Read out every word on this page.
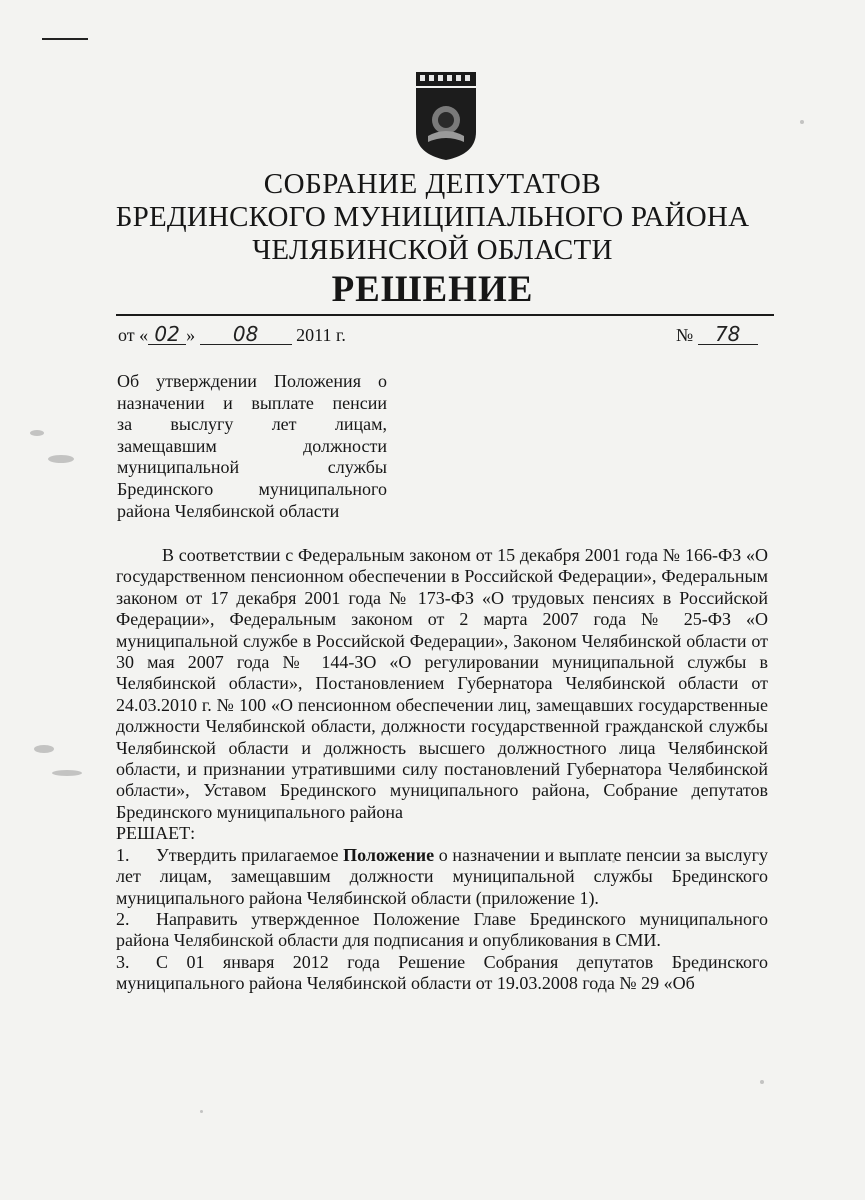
СОБРАНИЕ ДЕПУТАТОВ
БРЕДИНСКОГО МУНИЦИПАЛЬНОГО РАЙОНА
ЧЕЛЯБИНСКОЙ ОБЛАСТИ
РЕШЕНИЕ
от « 02 » 08 2011 г.	№ 78

Об утверждении Положения о

назначении и выплате пенсии

за выслугу лет лицам,

замещавшим должности

муниципальной службы

Брединского муниципального

района Челябинской области

В соответствии с Федеральным законом от 15 декабря 2001 года № 166-ФЗ «О государственном пенсионном обеспечении в Российской Федерации», Федеральным законом от 17 декабря 2001 года № 173-ФЗ «О трудовых пенсиях в Российской Федерации», Федеральным законом от 2 марта 2007 года № 25-ФЗ «О муниципальной службе в Российской Федерации», Законом Челябинской области от 30 мая 2007 года № 144-ЗО «О регулировании муниципальной службы в Челябинской области», Постановлением Губернатора Челябинской области от 24.03.2010 г. № 100 «О пенсионном обеспечении лиц, замещавших государственные должности Челябинской области, должности государственной гражданской службы Челябинской области и должность высшего должностного лица Челябинской области, и признании утратившими силу постановлений Губернатора Челябинской области», Уставом Брединского муниципального района, Собрание депутатов Брединского муниципального района

РЕШАЕТ:

1. Утвердить прилагаемое Положение о назначении и выплате пенсии за выслугу лет лицам, замещавшим должности муниципальной службы Брединского муниципального района Челябинской области (приложение 1).

2. Направить утвержденное Положение Главе Брединского муниципального района Челябинской области для подписания и опубликования в СМИ.

3. С 01 января 2012 года Решение Собрания депутатов Брединского муниципального района Челябинской области от 19.03.2008 года № 29 «Об
